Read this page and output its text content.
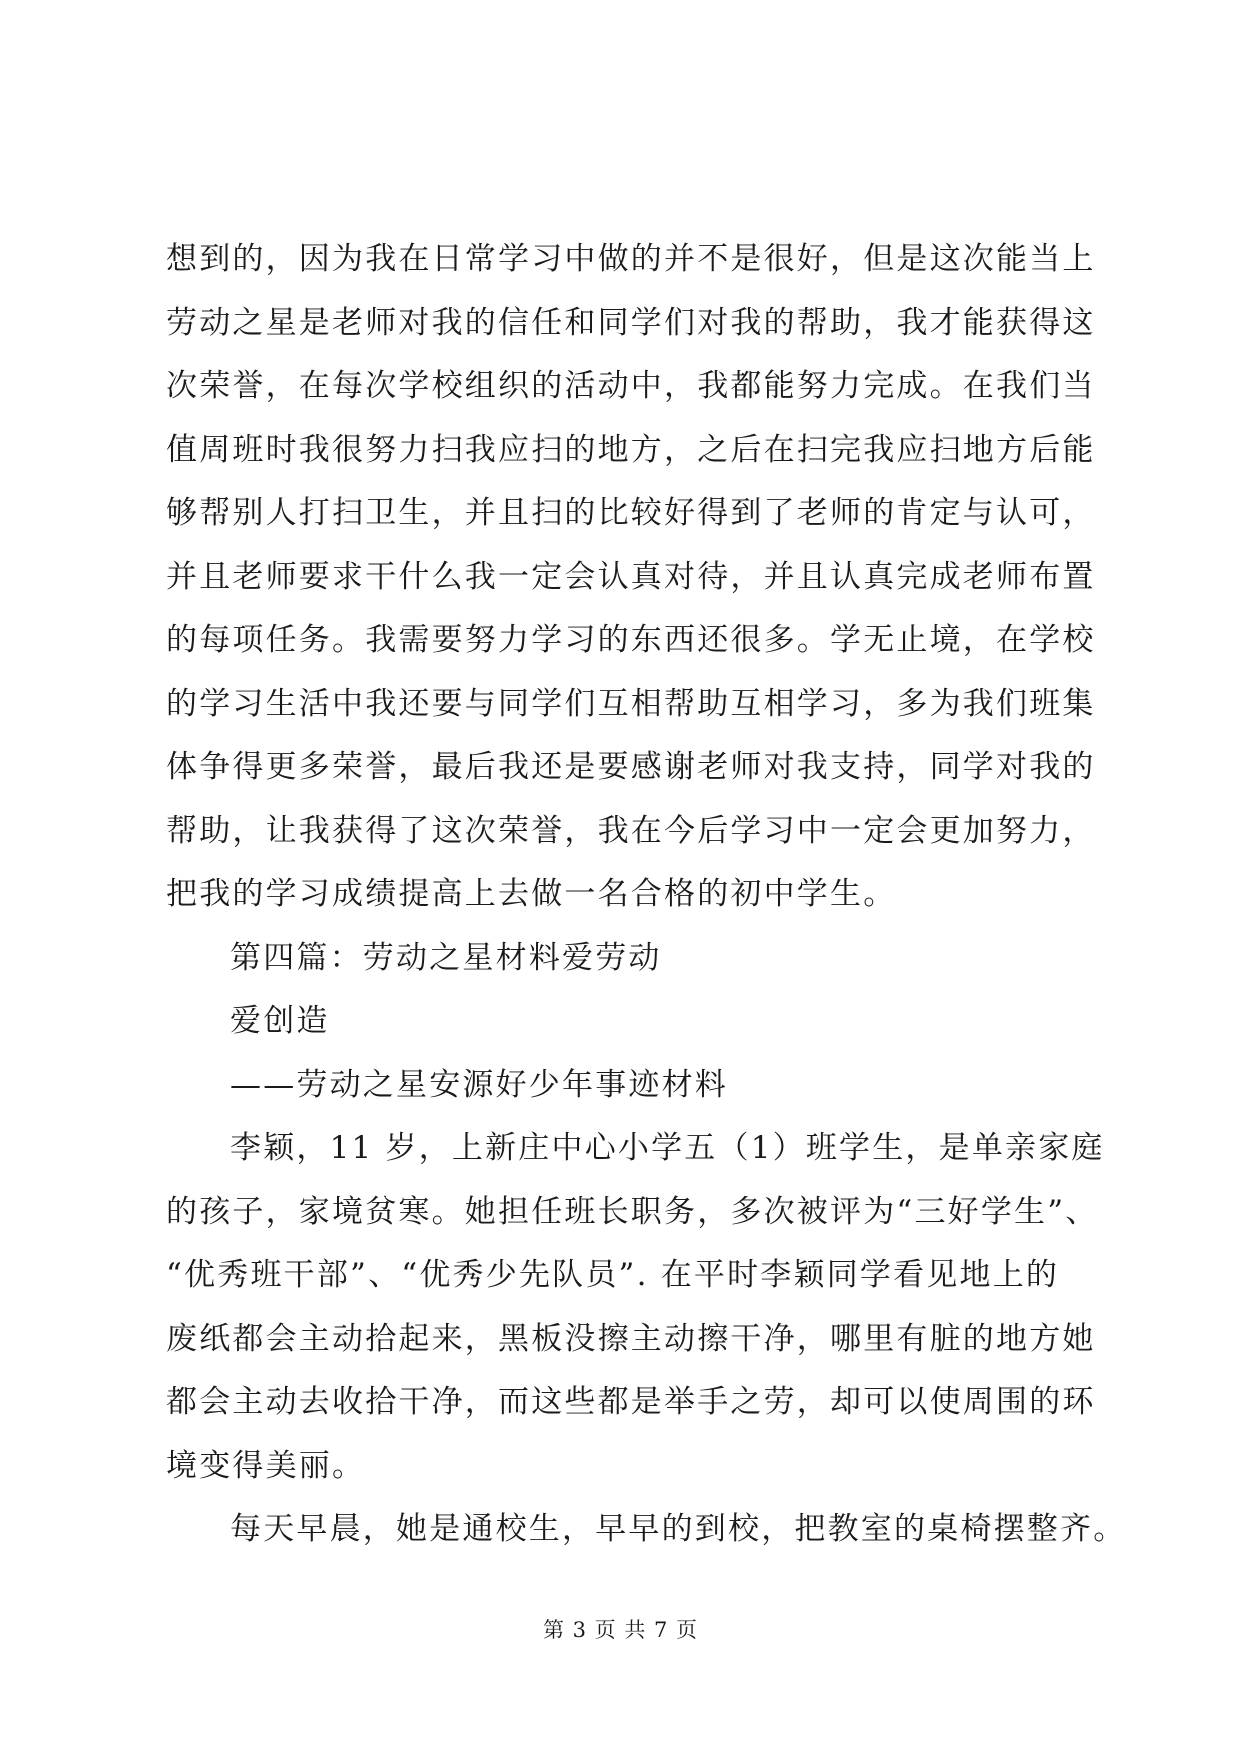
想到的，因为我在日常学习中做的并不是很好，但是这次能当上
劳动之星是老师对我的信任和同学们对我的帮助，我才能获得这
次荣誉，在每次学校组织的活动中，我都能努力完成。在我们当
值周班时我很努力扫我应扫的地方，之后在扫完我应扫地方后能
够帮别人打扫卫生，并且扫的比较好得到了老师的肯定与认可，
并且老师要求干什么我一定会认真对待，并且认真完成老师布置
的每项任务。我需要努力学习的东西还很多。学无止境，在学校
的学习生活中我还要与同学们互相帮助互相学习，多为我们班集
体争得更多荣誉，最后我还是要感谢老师对我支持，同学对我的
帮助，让我获得了这次荣誉，我在今后学习中一定会更加努力，
把我的学习成绩提高上去做一名合格的初中学生。
第四篇：劳动之星材料爱劳动
爱创造
——劳动之星安源好少年事迹材料
李颖，11 岁，上新庄中心小学五（1）班学生，是单亲家庭
的孩子，家境贫寒。她担任班长职务，多次被评为“三好学生”、
“优秀班干部”、“优秀少先队员”. 在平时李颖同学看见地上的
废纸都会主动拾起来，黑板没擦主动擦干净，哪里有脏的地方她
都会主动去收拾干净，而这些都是举手之劳，却可以使周围的环
境变得美丽。
每天早晨，她是通校生，早早的到校，把教室的桌椅摆整齐。
第 3 页 共 7 页
